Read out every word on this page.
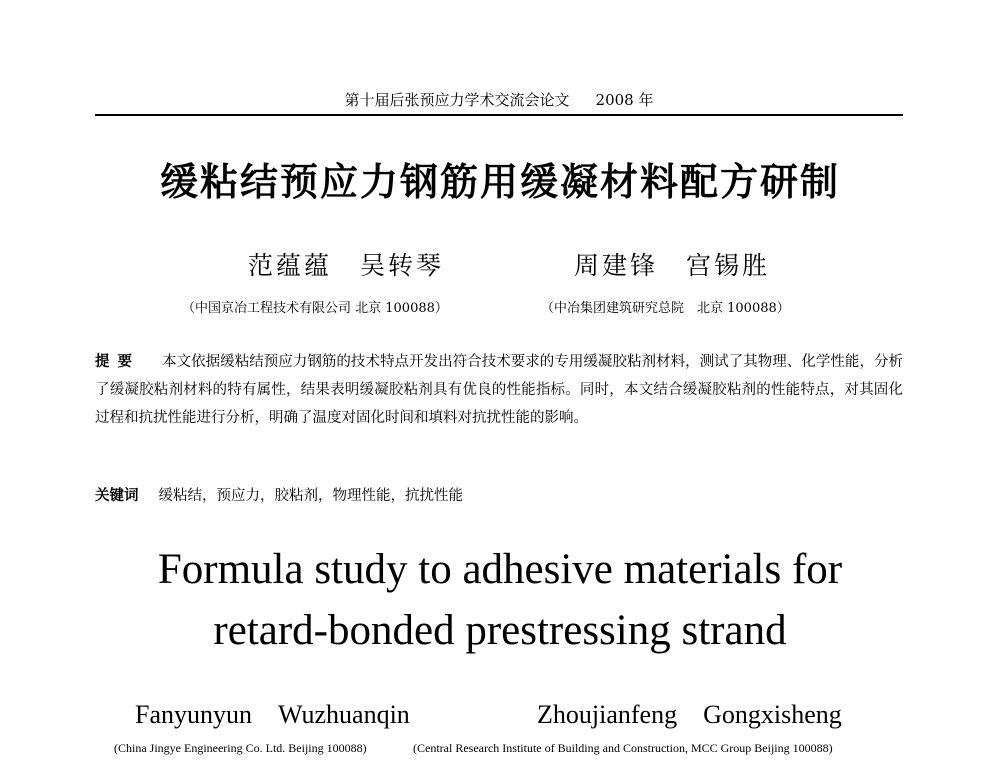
第十届后张预应力学术交流会论文 2008 年
缓粘结预应力钢筋用缓凝材料配方研制
范蕴蕴 吴转琴	周建锋 宫锡胜
（中国京冶工程技术有限公司 北京 100088）	（中冶集团建筑研究总院　北京 100088）
提要 本文依据缓粘结预应力钢筋的技术特点开发出符合技术要求的专用缓凝胶粘剂材料，测试了其物理、化学性能，分析了缓凝胶粘剂材料的特有属性，结果表明缓凝胶粘剂具有优良的性能指标。同时，本文结合缓凝胶粘剂的性能特点，对其固化过程和抗扰性能进行分析，明确了温度对固化时间和填料对抗扰性能的影响。
关键词 缓粘结，预应力，胶粘剂，物理性能，抗扰性能
Formula study to adhesive materials for
retard-bonded prestressing strand
Fanyunyun Wuzhuanqin	Zhoujianfeng Gongxisheng
(China Jingye Engineering Co. Ltd. Beijing 100088)	(Central Research Institute of Building and Construction, MCC Group Beijing 100088)
